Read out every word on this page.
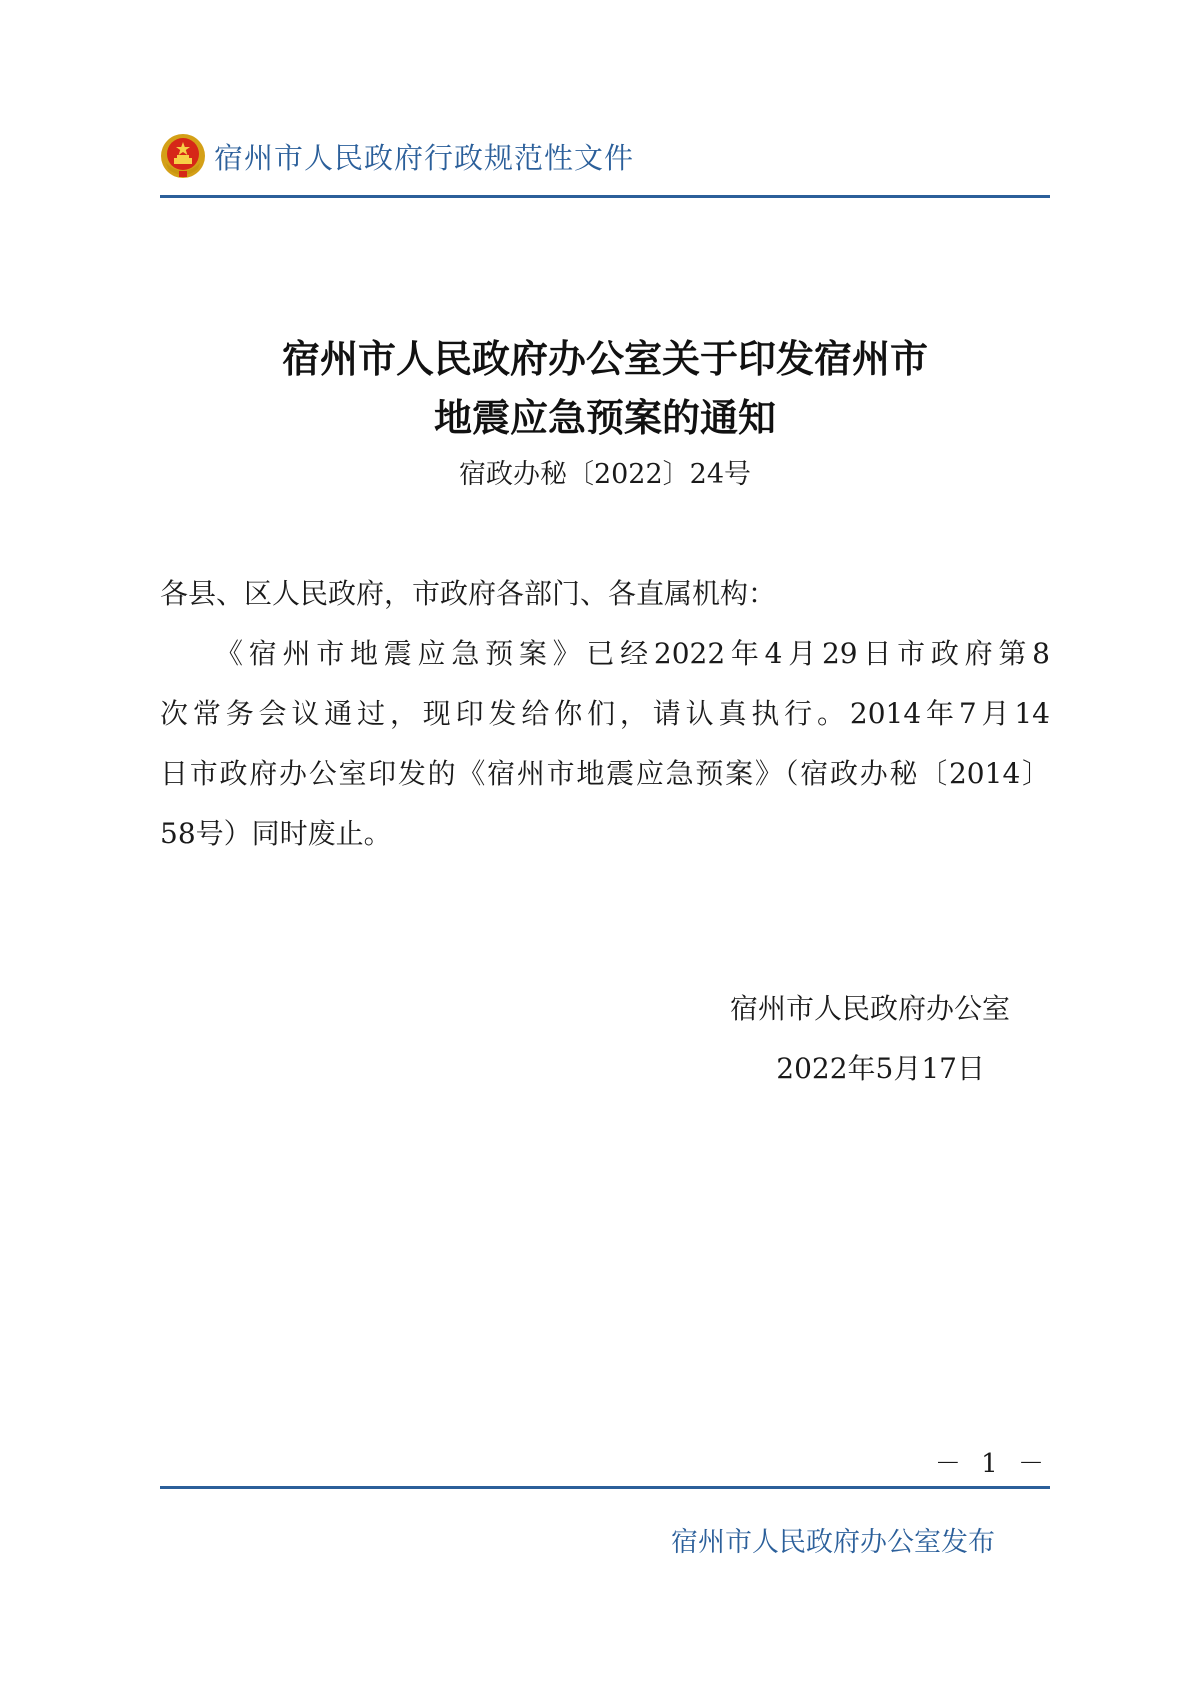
宿州市人民政府行政规范性文件
宿州市人民政府办公室关于印发宿州市
地震应急预案的通知
宿政办秘〔2022〕24号
各县、区人民政府，市政府各部门、各直属机构：
《宿州市地震应急预案》已经2022年4月29日市政府第8
次常务会议通过，现印发给你们，请认真执行。2014年7月14
日市政府办公室印发的《宿州市地震应急预案》（宿政办秘〔2014〕
58号）同时废止。
宿州市人民政府办公室
2022年5月17日
－ 1 －
宿州市人民政府办公室发布
